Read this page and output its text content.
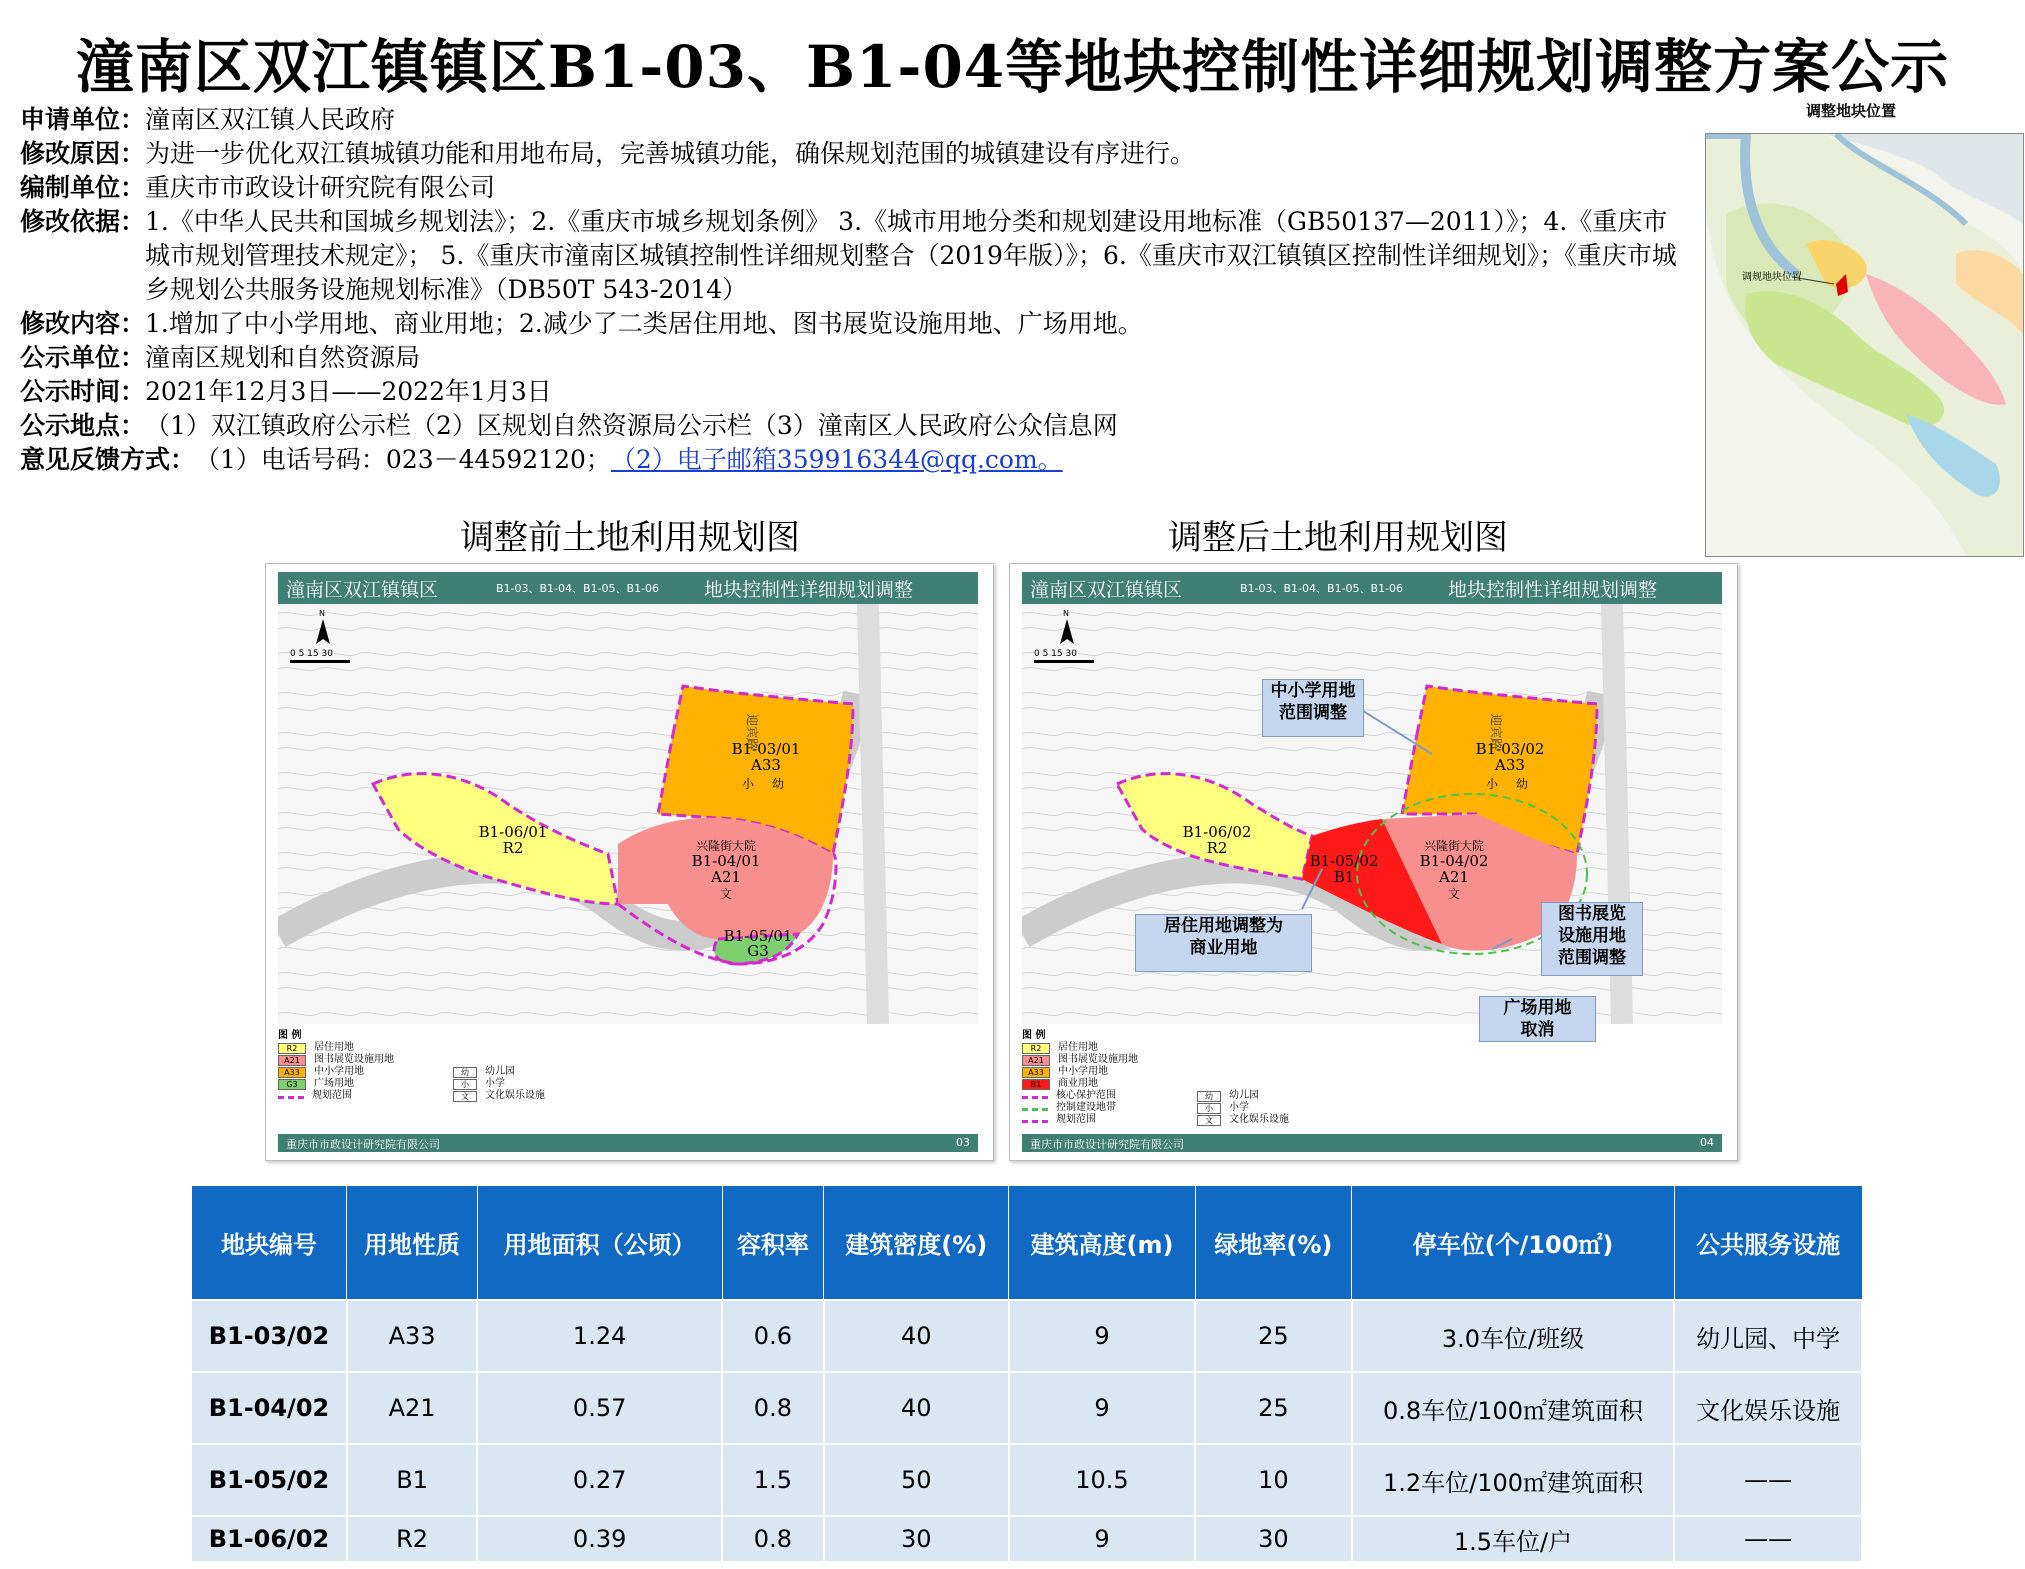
潼南区双江镇镇区B1-03、B1-04等地块控制性详细规划调整方案公示
申请单位： 潼南区双江镇人民政府
修改原因： 为进一步优化双江镇城镇功能和用地布局，完善城镇功能，确保规划范围的城镇建设有序进行。
编制单位： 重庆市市政设计研究院有限公司
修改依据： 1.《中华人民共和国城乡规划法》；2.《重庆市城乡规划条例》 3.《城市用地分类和规划建设用地标准（GB50137—2011）》；4.《重庆市城市规划管理技术规定》； 5.《重庆市潼南区城镇控制性详细规划整合（2019年版）》；6.《重庆市双江镇镇区控制性详细规划》；《重庆市城乡规划公共服务设施规划标准》（DB50T 543-2014）
修改内容： 1.增加了中小学用地、商业用地；2.减少了二类居住用地、图书展览设施用地、广场用地。
公示单位： 潼南区规划和自然资源局
公示时间： 2021年12月3日——2022年1月3日
公示地点： （1）双江镇政府公示栏（2）区规划自然资源局公示栏（3）潼南区人民政府公众信息网
意见反馈方式： （1）电话号码：023－44592120； （2）电子邮箱359916344@qq.com。
调整地块位置
调规地块位置
调整前土地利用规划图
潼南区双江镇镇区	B1-03、B1-04、B1-05、B1-06 地块控制性详细规划调整
N
0 5 15 30
迎宾路
B1-03/01
A33
小 幼
B1-04/01
A21
文
兴隆街大院
B1-05/01
G3
B1-06/01
R2
图 例
R2	居住用地
A21	图书展览设施用地
A33	中小学用地	幼	幼儿园
G3	广场用地	小	小学
规划范围	文	文化娱乐设施
重庆市市政设计研究院有限公司	03
调整后土地利用规划图
潼南区双江镇镇区	B1-03、B1-04、B1-05、B1-06 地块控制性详细规划调整
N
0 5 15 30
迎宾路
B1-03/02
A33
小 幼
B1-04/02
A21
文
兴隆街大院
B1-05/02
B1
B1-06/02
R2
中小学用地
范围调整
居住用地调整为
商业用地
图书展览
设施用地
范围调整
广场用地
取消
图 例
R2	居住用地
A21	图书展览设施用地
A33	中小学用地
B1	商业用地
核心保护范围	幼	幼儿园
控制建设地带	小	小学
规划范围	文	文化娱乐设施
重庆市市政设计研究院有限公司	04
地块编号	用地性质	用地面积（公顷）	容积率	建筑密度(%)	建筑高度(m)	绿地率(%)	停车位(个/100㎡)	公共服务设施
B1-03/02	A33	1.24	0.6	40	9	25	3.0车位/班级	幼儿园、中学
B1-04/02	A21	0.57	0.8	40	9	25	0.8车位/100㎡建筑面积	文化娱乐设施
B1-05/02	B1	0.27	1.5	50	10.5	10	1.2车位/100㎡建筑面积	——
B1-06/02	R2	0.39	0.8	30	9	30	1.5车位/户	——
